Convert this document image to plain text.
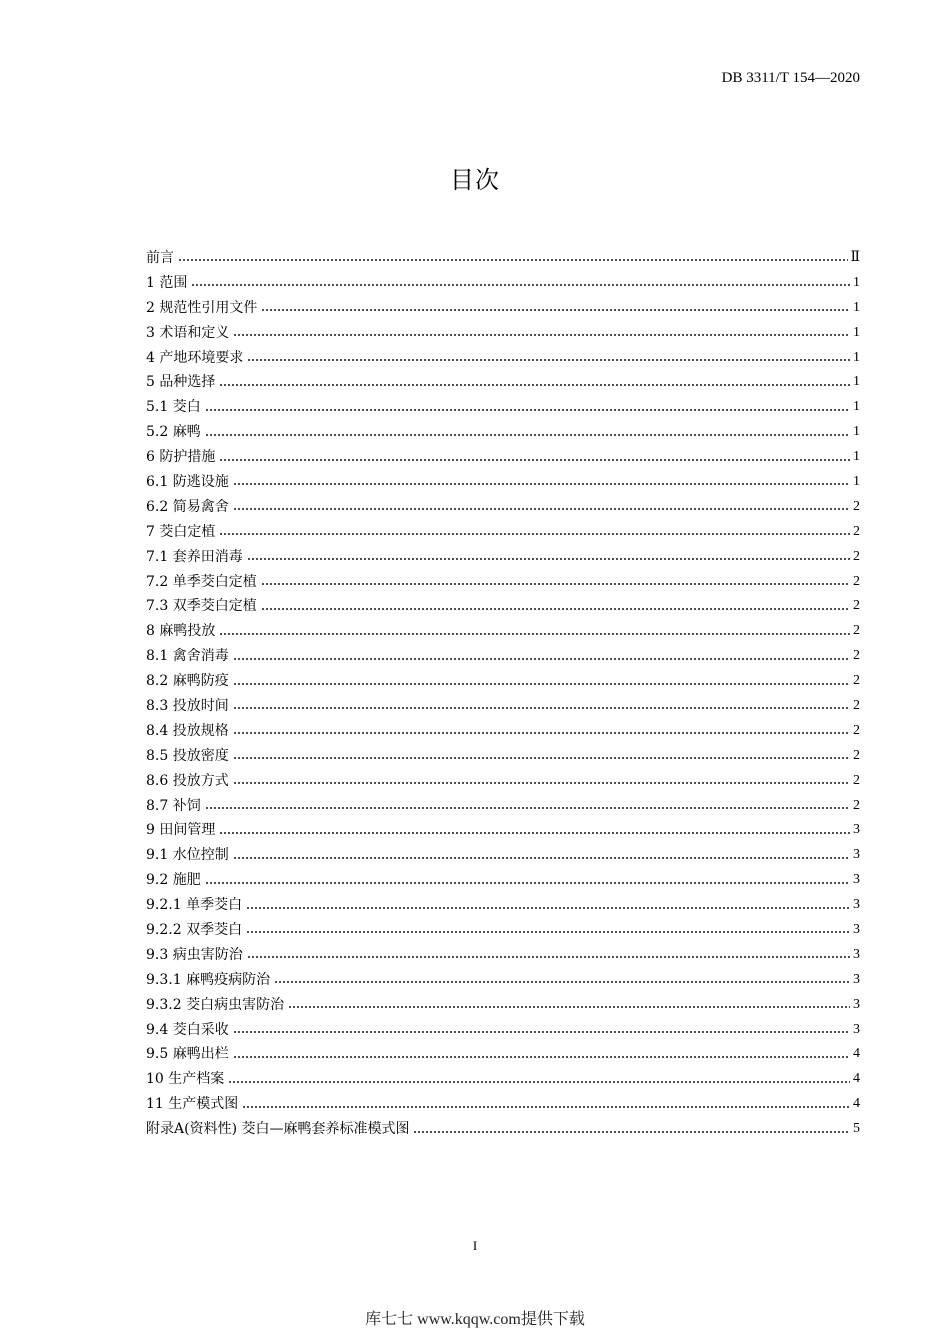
DB 3311/T 154—2020
目次
前言	Ⅱ
1 范围	1
2 规范性引用文件	1
3 术语和定义	1
4 产地环境要求	1
5 品种选择	1
5.1 茭白	1
5.2 麻鸭	1
6 防护措施	1
6.1 防逃设施	1
6.2 简易禽舍	2
7 茭白定植	2
7.1 套养田消毒	2
7.2 单季茭白定植	2
7.3 双季茭白定植	2
8 麻鸭投放	2
8.1 禽舍消毒	2
8.2 麻鸭防疫	2
8.3 投放时间	2
8.4 投放规格	2
8.5 投放密度	2
8.6 投放方式	2
8.7 补饲	2
9 田间管理	3
9.1 水位控制	3
9.2 施肥	3
9.2.1 单季茭白	3
9.2.2 双季茭白	3
9.3 病虫害防治	3
9.3.1 麻鸭疫病防治	3
9.3.2 茭白病虫害防治	3
9.4 茭白采收	3
9.5 麻鸭出栏	4
10 生产档案	4
11 生产模式图	4
附录A(资料性) 茭白—麻鸭套养标准模式图	5
I
库七七 www.kqqw.com提供下载
